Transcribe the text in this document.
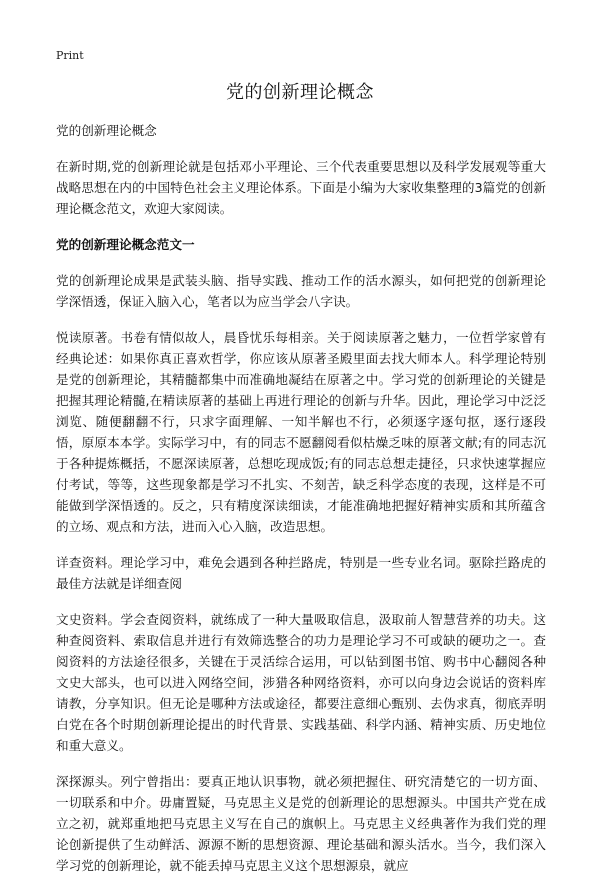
Print
党的创新理论概念

党的创新理论概念

在新时期,党的创新理论就是包括邓小平理论、三个代表重要思想以及科学发展观等重大战略思想在内的中国特色社会主义理论体系。下面是小编为大家收集整理的3篇党的创新理论概念范文，欢迎大家阅读。

党的创新理论概念范文一

党的创新理论成果是武装头脑、指导实践、推动工作的活水源头，如何把党的创新理论学深悟透，保证入脑入心，笔者以为应当学会八字诀。

悦读原著。书卷有情似故人，晨昏忧乐每相亲。关于阅读原著之魅力，一位哲学家曾有经典论述：如果你真正喜欢哲学，你应该从原著圣殿里面去找大师本人。科学理论特别是党的创新理论，其精髓都集中而准确地凝结在原著之中。学习党的创新理论的关键是把握其理论精髓,在精读原著的基础上再进行理论的创新与升华。因此，理论学习中泛泛浏览、随便翻翻不行，只求字面理解、一知半解也不行，必须逐字逐句抠，逐行逐段悟，原原本本学。实际学习中，有的同志不愿翻阅看似枯燥乏味的原著文献;有的同志沉于各种提炼概括，不愿深读原著，总想吃现成饭;有的同志总想走捷径，只求快速掌握应付考试，等等，这些现象都是学习不扎实、不刻苦，缺乏科学态度的表现，这样是不可能做到学深悟透的。反之，只有精度深读细读，才能准确地把握好精神实质和其所蕴含的立场、观点和方法，进而入心入脑，改造思想。

详查资料。理论学习中，难免会遇到各种拦路虎，特别是一些专业名词。驱除拦路虎的最佳方法就是详细查阅

文史资料。学会查阅资料，就练成了一种大量吸取信息，汲取前人智慧营养的功夫。这种查阅资料、索取信息并进行有效筛选整合的功力是理论学习不可或缺的硬功之一。查阅资料的方法途径很多，关键在于灵活综合运用，可以钻到图书馆、购书中心翻阅各种文史大部头，也可以进入网络空间，涉猎各种网络资料，亦可以向身边会说话的资料库请教，分享知识。但无论是哪种方法或途径，都要注意细心甄别、去伪求真，彻底弄明白党在各个时期创新理论提出的时代背景、实践基础、科学内涵、精神实质、历史地位和重大意义。

深探源头。列宁曾指出：要真正地认识事物，就必须把握住、研究清楚它的一切方面、一切联系和中介。毋庸置疑，马克思主义是党的创新理论的思想源头。中国共产党在成立之初，就郑重地把马克思主义写在自己的旗帜上。马克思主义经典著作为我们党的理论创新提供了生动鲜活、源源不断的思想资源、理论基础和源头活水。当今，我们深入学习党的创新理论，就不能丢掉马克思主义这个思想源泉，就应
